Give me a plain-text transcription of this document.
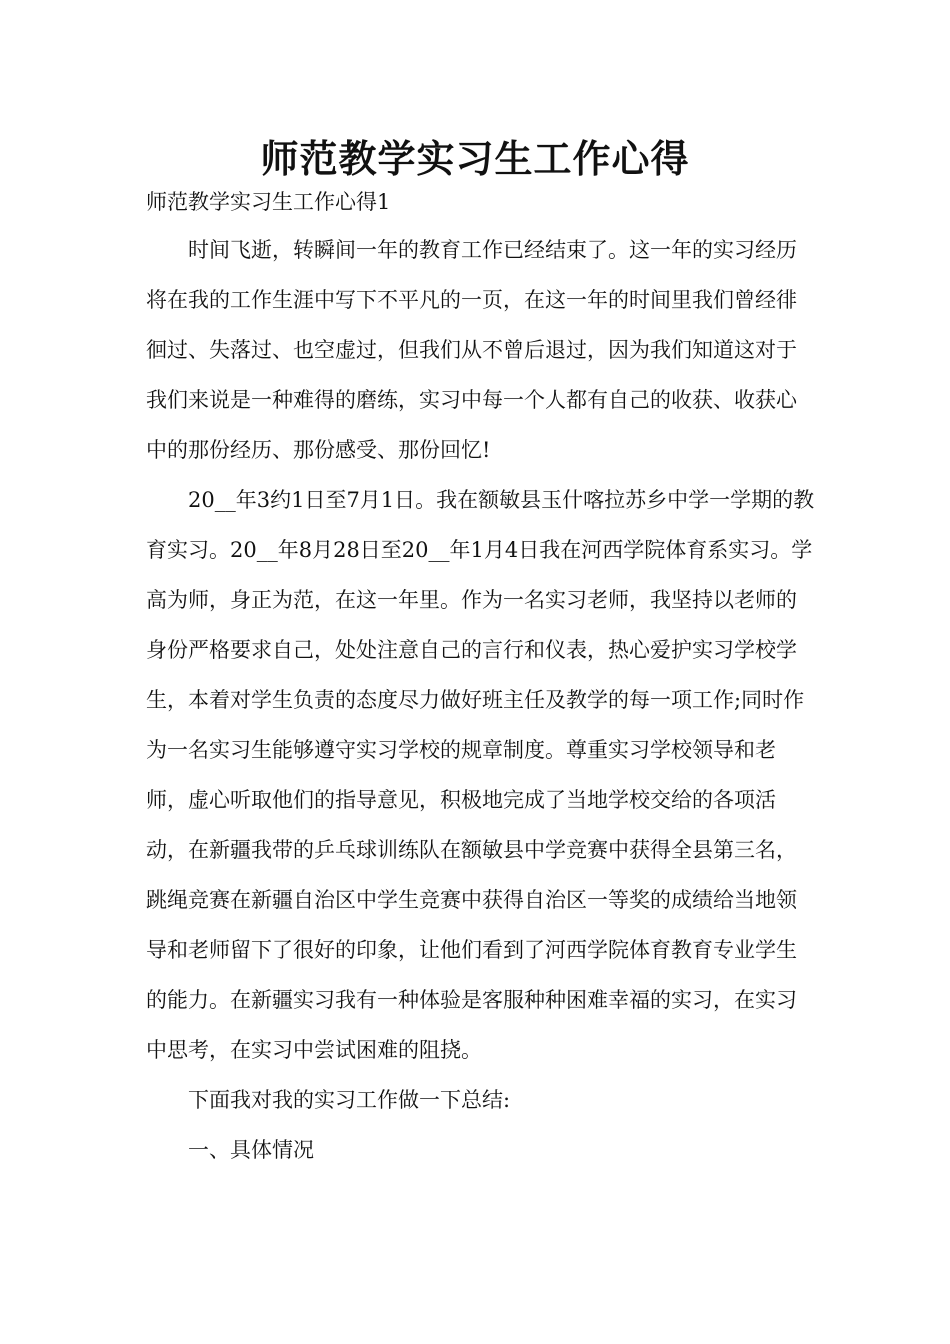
师范教学实习生工作心得
师范教学实习生工作心得1

时间飞逝，转瞬间一年的教育工作已经结束了。这一年的实习经历将在我的工作生涯中写下不平凡的一页，在这一年的时间里我们曾经徘徊过、失落过、也空虚过，但我们从不曾后退过，因为我们知道这对于我们来说是一种难得的磨练，实习中每一个人都有自己的收获、收获心中的那份经历、那份感受、那份回忆!

20__年3约1日至7月1日。我在额敏县玉什喀拉苏乡中学一学期的教育实习。20__年8月28日至20__年1月4日我在河西学院体育系实习。学高为师，身正为范，在这一年里。作为一名实习老师，我坚持以老师的身份严格要求自己，处处注意自己的言行和仪表，热心爱护实习学校学生，本着对学生负责的态度尽力做好班主任及教学的每一项工作;同时作为一名实习生能够遵守实习学校的规章制度。尊重实习学校领导和老师，虚心听取他们的指导意见，积极地完成了当地学校交给的各项活动，在新疆我带的乒乓球训练队在额敏县中学竞赛中获得全县第三名，跳绳竞赛在新疆自治区中学生竞赛中获得自治区一等奖的成绩给当地领导和老师留下了很好的印象，让他们看到了河西学院体育教育专业学生的能力。在新疆实习我有一种体验是客服种种困难幸福的实习，在实习中思考，在实习中尝试困难的阻挠。

下面我对我的实习工作做一下总结:

一、具体情况
